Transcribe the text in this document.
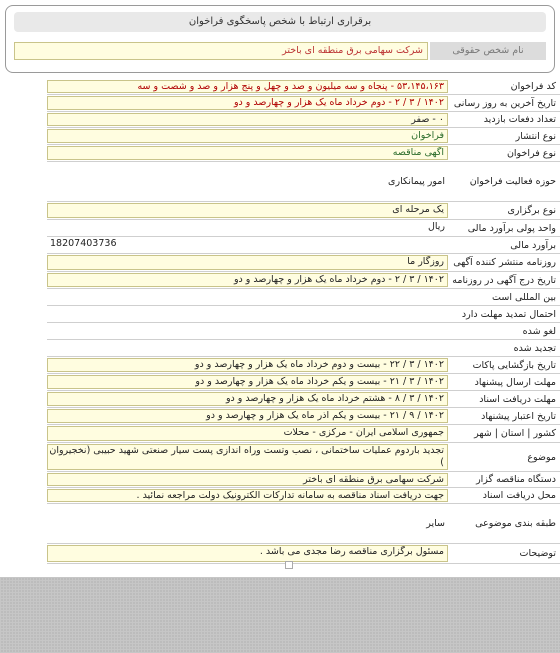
برقراری ارتباط با شخص پاسخگوی فراخوان
نام شخص حقوقی
شرکت سهامی برق منطقه ای باختر
کد فراخوان
۵۳،۱۴۵،۱۶۳ - پنجاه و سه میلیون و صد و چهل و پنج هزار و صد و شصت و سه
تاریخ آخرین به روز رسانی
۱۴۰۲ / ۳ / ۲ - دوم خرداد ماه یک هزار و چهارصد و دو
تعداد دفعات بازدید
۰ - صفر
نوع انتشار
فراخوان
نوع فراخوان
آگهی مناقصه
حوزه فعالیت فراخوان
امور پیمانکاری
نوع برگزاری
یک مرحله ای
واحد پولی برآورد مالی
ریال
برآورد مالی
18207403736
روزنامه منتشر کننده آگهی
روزگار ما
تاریخ درج آگهی در روزنامه
۱۴۰۲ / ۳ / ۲ - دوم خرداد ماه یک هزار و چهارصد و دو
بین المللی است
احتمال تمدید مهلت دارد
لغو شده
تجدید شده
تاریخ بازگشایی پاکات
۱۴۰۲ / ۳ / ۲۲ - بیست و دوم خرداد ماه یک هزار و چهارصد و دو
مهلت ارسال پیشنهاد
۱۴۰۲ / ۳ / ۲۱ - بیست و یکم خرداد ماه یک هزار و چهارصد و دو
مهلت دریافت اسناد
۱۴۰۲ / ۳ / ۸ - هشتم خرداد ماه یک هزار و چهارصد و دو
تاریخ اعتبار پیشنهاد
۱۴۰۲ / ۹ / ۲۱ - بیست و یکم آذر ماه یک هزار و چهارصد و دو
کشور | استان | شهر
جمهوری اسلامی ایران - مرکزی - محلات
موضوع
تجدید باردوم عملیات ساختمانی ، نصب وتست وراه اندازی پست سیار صنعتی شهید حبیبی (نخجیروان )
دستگاه مناقصه گزار
شرکت سهامی برق منطقه ای باختر
محل دریافت اسناد
جهت دریافت اسناد مناقصه به سامانه تدارکات الکترونیک دولت مراجعه نمائید .
طبقه بندی موضوعی
سایر
توضیحات
مسئول برگزاری مناقصه رضا مجدی می باشد .
